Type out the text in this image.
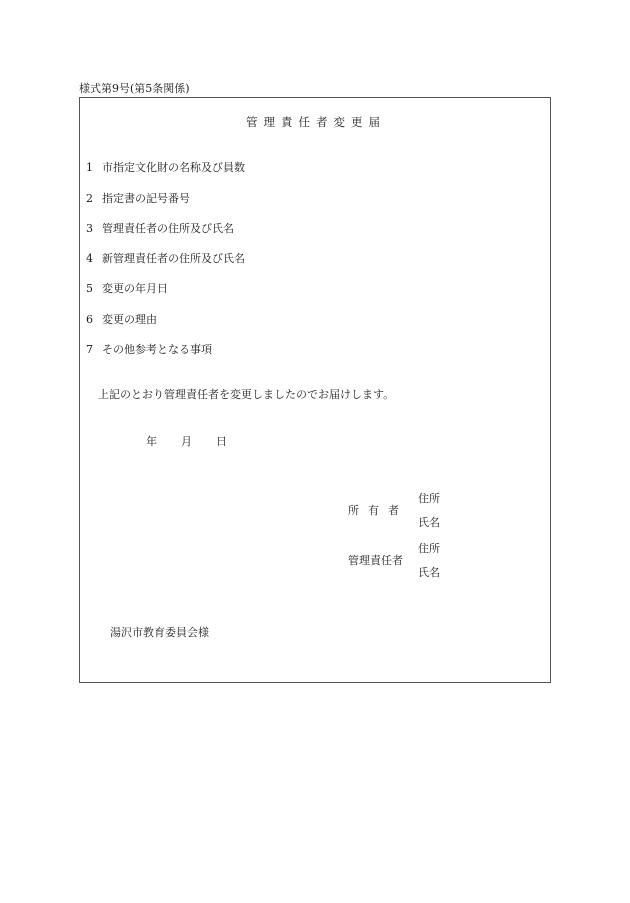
様式第9号(第5条関係)
管理責任者変更届
1 市指定文化財の名称及び員数
2 指定書の記号番号
3 管理責任者の住所及び氏名
4 新管理責任者の住所及び氏名
5 変更の年月日
6 変更の理由
7 その他参考となる事項
上記のとおり管理責任者を変更しましたのでお届けします。
年 月 日
所有者
住所
氏名
管理責任者
住所
氏名
湯沢市教育委員会様
